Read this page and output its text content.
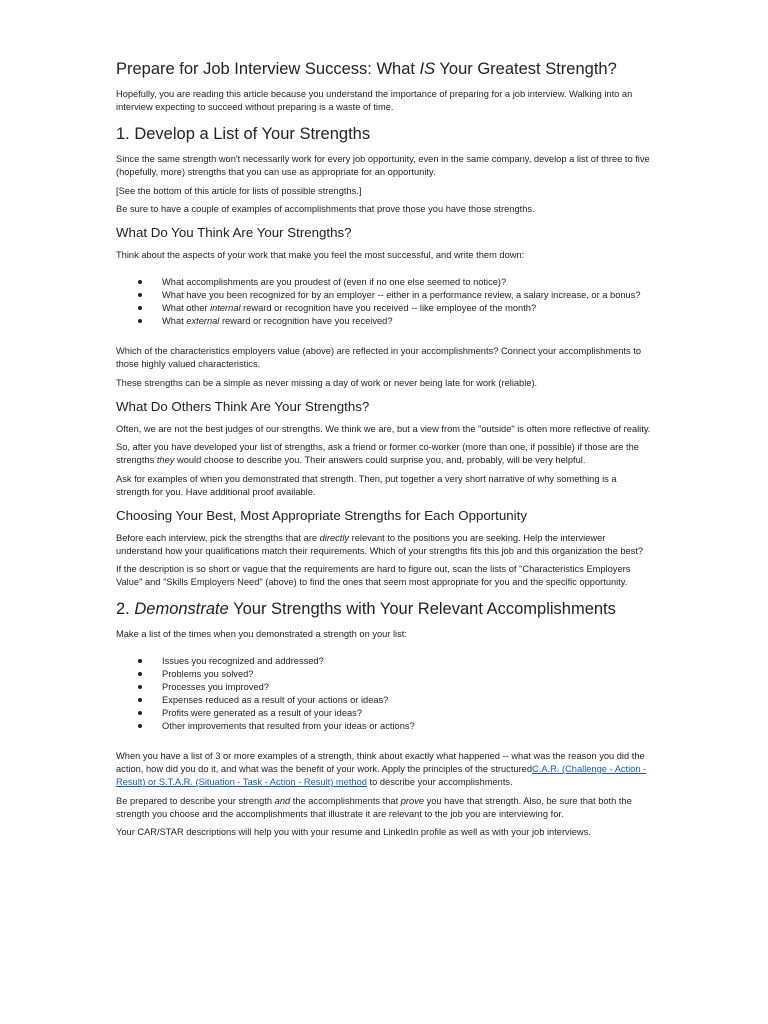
Prepare for Job Interview Success: What IS Your Greatest Strength?

Hopefully, you are reading this article because you understand the importance of preparing for a job interview. Walking into an interview expecting to succeed without preparing is a waste of time.

1. Develop a List of Your Strengths

Since the same strength won't necessarily work for every job opportunity, even in the same company, develop a list of three to five (hopefully, more) strengths that you can use as appropriate for an opportunity.

[See the bottom of this article for lists of possible strengths.]

Be sure to have a couple of examples of accomplishments that prove those you have those strengths.

What Do You Think Are Your Strengths?

Think about the aspects of your work that make you feel the most successful, and write them down:

What accomplishments are you proudest of (even if no one else seemed to notice)?
What have you been recognized for by an employer -- either in a performance review, a salary increase, or a bonus?
What other internal reward or recognition have you received -- like employee of the month?
What external reward or recognition have you received?

Which of the characteristics employers value (above) are reflected in your accomplishments? Connect your accomplishments to those highly valued characteristics.

These strengths can be a simple as never missing a day of work or never being late for work (reliable).

What Do Others Think Are Your Strengths?

Often, we are not the best judges of our strengths. We think we are, but a view from the "outside" is often more reflective of reality.

So, after you have developed your list of strengths, ask a friend or former co-worker (more than one, if possible) if those are the strengths they would choose to describe you. Their answers could surprise you, and, probably, will be very helpful.

Ask for examples of when you demonstrated that strength. Then, put together a very short narrative of why something is a strength for you. Have additional proof available.

Choosing Your Best, Most Appropriate Strengths for Each Opportunity

Before each interview, pick the strengths that are directly relevant to the positions you are seeking. Help the interviewer understand how your qualifications match their requirements. Which of your strengths fits this job and this organization the best?

If the description is so short or vague that the requirements are hard to figure out, scan the lists of "Characteristics Employers Value" and "Skills Employers Need" (above) to find the ones that seem most appropriate for you and the specific opportunity.

2. Demonstrate Your Strengths with Your Relevant Accomplishments

Make a list of the times when you demonstrated a strength on your list:

Issues you recognized and addressed?
Problems you solved?
Processes you improved?
Expenses reduced as a result of your actions or ideas?
Profits were generated as a result of your ideas?
Other improvements that resulted from your ideas or actions?

When you have a list of 3 or more examples of a strength, think about exactly what happened -- what was the reason you did the action, how did you do it, and what was the benefit of your work. Apply the principles of the structuredC.A.R. (Challenge - Action - Result) or S.T.A.R. (Situation - Task - Action - Result) method to describe your accomplishments.

Be prepared to describe your strength and the accomplishments that prove you have that strength. Also, be sure that both the strength you choose and the accomplishments that illustrate it are relevant to the job you are interviewing for.

Your CAR/STAR descriptions will help you with your resume and LinkedIn profile as well as with your job interviews.
